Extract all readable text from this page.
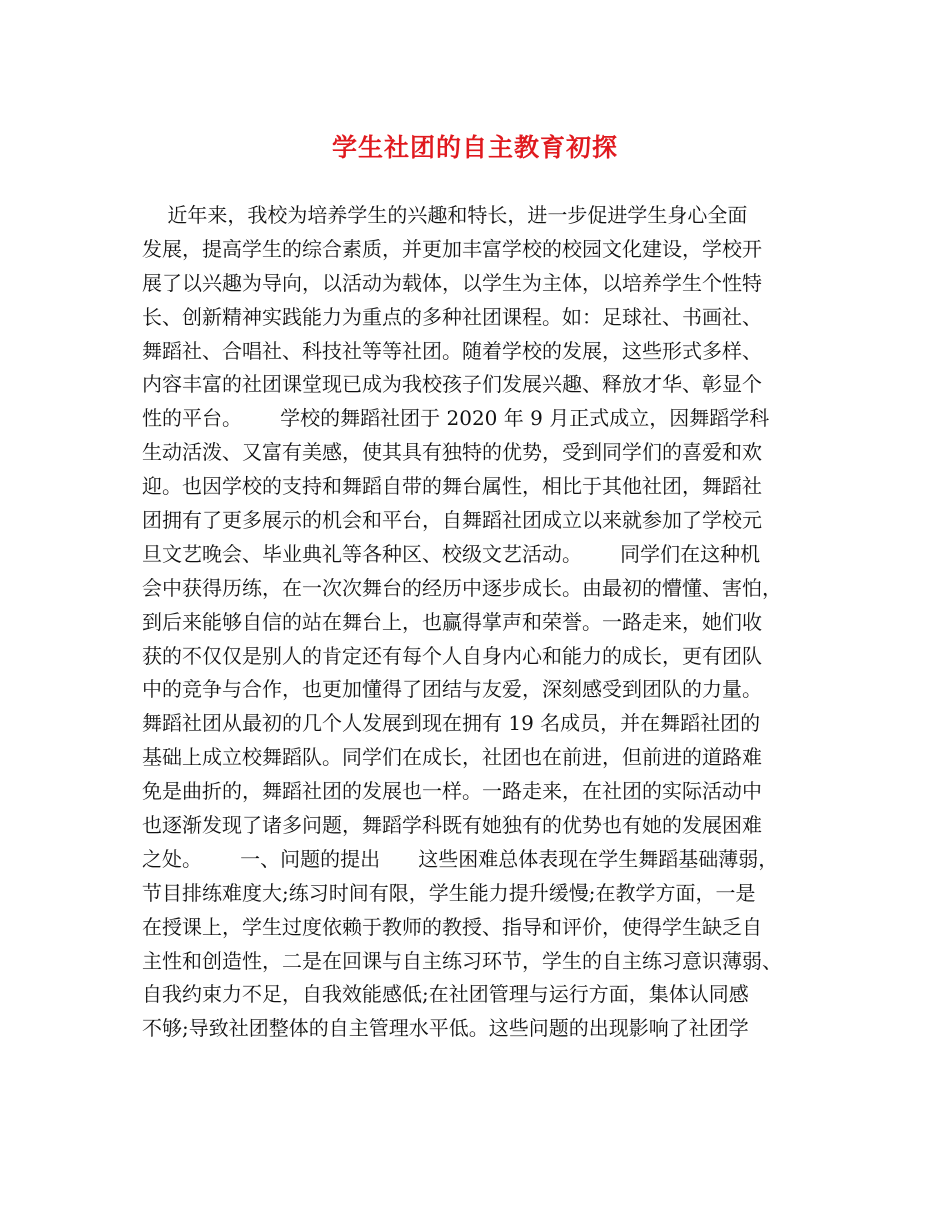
学生社团的自主教育初探
近年来，我校为培养学生的兴趣和特长，进一步促进学生身心全面
发展，提高学生的综合素质，并更加丰富学校的校园文化建设，学校开
展了以兴趣为导向，以活动为载体，以学生为主体，以培养学生个性特
长、创新精神实践能力为重点的多种社团课程。如：足球社、书画社、
舞蹈社、合唱社、科技社等等社团。随着学校的发展，这些形式多样、
内容丰富的社团课堂现已成为我校孩子们发展兴趣、释放才华、彰显个
性的平台。      学校的舞蹈社团于 2020 年 9 月正式成立，因舞蹈学科
生动活泼、又富有美感，使其具有独特的优势，受到同学们的喜爱和欢
迎。也因学校的支持和舞蹈自带的舞台属性，相比于其他社团，舞蹈社
团拥有了更多展示的机会和平台，自舞蹈社团成立以来就参加了学校元
旦文艺晚会、毕业典礼等各种区、校级文艺活动。      同学们在这种机
会中获得历练，在一次次舞台的经历中逐步成长。由最初的懵懂、害怕，
到后来能够自信的站在舞台上，也赢得掌声和荣誉。一路走来，她们收
获的不仅仅是别人的肯定还有每个人自身内心和能力的成长，更有团队
中的竞争与合作，也更加懂得了团结与友爱，深刻感受到团队的力量。
舞蹈社团从最初的几个人发展到现在拥有 19 名成员，并在舞蹈社团的
基础上成立校舞蹈队。同学们在成长，社团也在前进，但前进的道路难
免是曲折的，舞蹈社团的发展也一样。一路走来，在社团的实际活动中
也逐渐发现了诸多问题，舞蹈学科既有她独有的优势也有她的发展困难
之处。      一、问题的提出      这些困难总体表现在学生舞蹈基础薄弱，
节目排练难度大;练习时间有限，学生能力提升缓慢;在教学方面，一是
在授课上，学生过度依赖于教师的教授、指导和评价，使得学生缺乏自
主性和创造性，二是在回课与自主练习环节，学生的自主练习意识薄弱、
自我约束力不足，自我效能感低;在社团管理与运行方面，集体认同感
不够;导致社团整体的自主管理水平低。这些问题的出现影响了社团学
